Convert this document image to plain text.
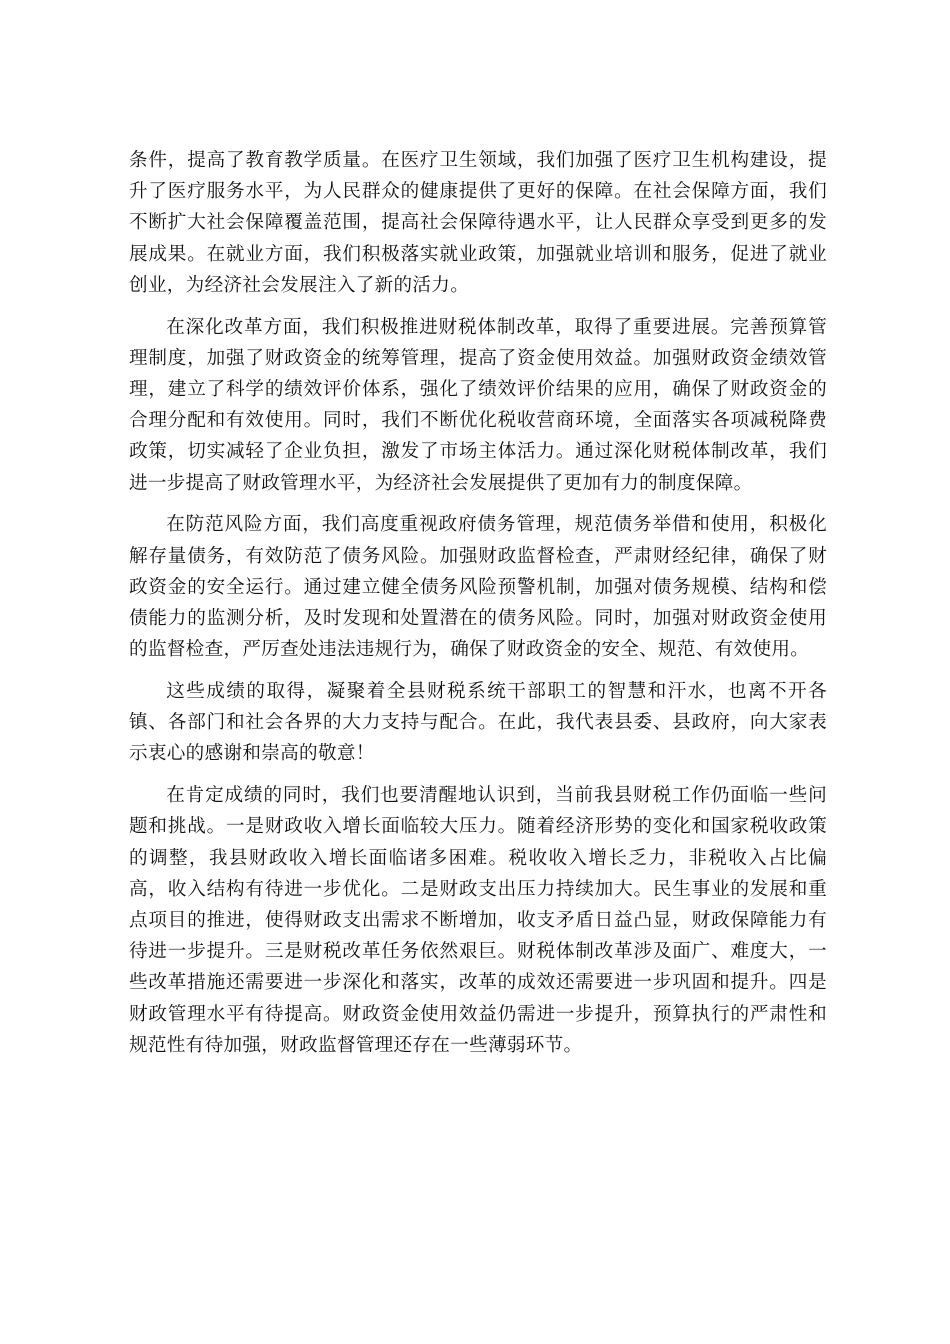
条件，提高了教育教学质量。在医疗卫生领域，我们加强了医疗卫生机构建设，提升了医疗服务水平，为人民群众的健康提供了更好的保障。在社会保障方面，我们不断扩大社会保障覆盖范围，提高社会保障待遇水平，让人民群众享受到更多的发展成果。在就业方面，我们积极落实就业政策，加强就业培训和服务，促进了就业创业，为经济社会发展注入了新的活力。

在深化改革方面，我们积极推进财税体制改革，取得了重要进展。完善预算管理制度，加强了财政资金的统筹管理，提高了资金使用效益。加强财政资金绩效管理，建立了科学的绩效评价体系，强化了绩效评价结果的应用，确保了财政资金的合理分配和有效使用。同时，我们不断优化税收营商环境，全面落实各项减税降费政策，切实减轻了企业负担，激发了市场主体活力。通过深化财税体制改革，我们进一步提高了财政管理水平，为经济社会发展提供了更加有力的制度保障。

在防范风险方面，我们高度重视政府债务管理，规范债务举借和使用，积极化解存量债务，有效防范了债务风险。加强财政监督检查，严肃财经纪律，确保了财政资金的安全运行。通过建立健全债务风险预警机制，加强对债务规模、结构和偿债能力的监测分析，及时发现和处置潜在的债务风险。同时，加强对财政资金使用的监督检查，严厉查处违法违规行为，确保了财政资金的安全、规范、有效使用。

这些成绩的取得，凝聚着全县财税系统干部职工的智慧和汗水，也离不开各镇、各部门和社会各界的大力支持与配合。在此，我代表县委、县政府，向大家表示衷心的感谢和崇高的敬意！

在肯定成绩的同时，我们也要清醒地认识到，当前我县财税工作仍面临一些问题和挑战。一是财政收入增长面临较大压力。随着经济形势的变化和国家税收政策的调整，我县财政收入增长面临诸多困难。税收收入增长乏力，非税收入占比偏高，收入结构有待进一步优化。二是财政支出压力持续加大。民生事业的发展和重点项目的推进，使得财政支出需求不断增加，收支矛盾日益凸显，财政保障能力有待进一步提升。三是财税改革任务依然艰巨。财税体制改革涉及面广、难度大，一些改革措施还需要进一步深化和落实，改革的成效还需要进一步巩固和提升。四是财政管理水平有待提高。财政资金使用效益仍需进一步提升，预算执行的严肃性和规范性有待加强，财政监督管理还存在一些薄弱环节。
